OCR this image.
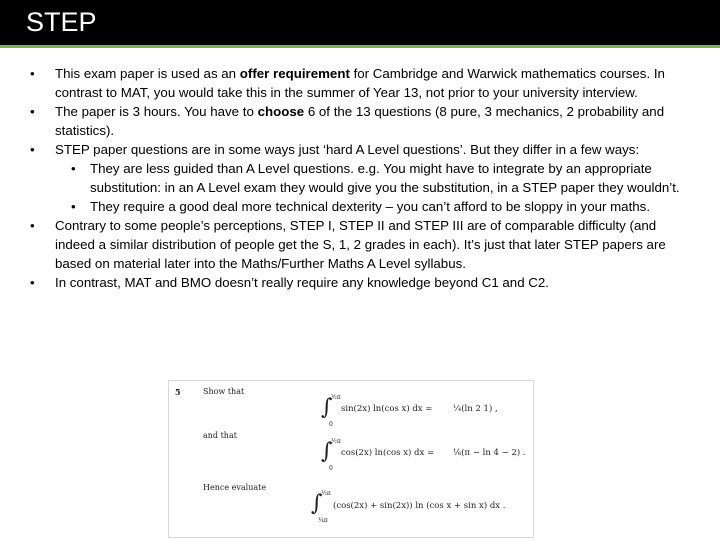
STEP
• This exam paper is used as an offer requirement for Cambridge and Warwick mathematics courses. In contrast to MAT, you would take this in the summer of Year 13, not prior to your university interview.
• The paper is 3 hours. You have to choose 6 of the 13 questions (8 pure, 3 mechanics, 2 probability and statistics).
• STEP paper questions are in some ways just ‘hard A Level questions’. But they differ in a few ways:
• They are less guided than A Level questions. e.g. You might have to integrate by an appropriate substitution: in an A Level exam they would give you the substitution, in a STEP paper they wouldn’t.
• They require a good deal more technical dexterity – you can’t afford to be sloppy in your maths.
• Contrary to some people’s perceptions, STEP I, STEP II and STEP III are of comparable difficulty (and indeed a similar distribution of people get the S, 1, 2 grades in each). It’s just that later STEP papers are based on material later into the Maths/Further Maths A Level syllabus.
• In contrast, MAT and BMO doesn’t really require any knowledge beyond C1 and C2.
5	Show that
∫
½π
0
sin(2x) ln(cos x) dx = ¼(ln 2 1) ,
and that
∫
½π
0
cos(2x) ln(cos x) dx = ⅛(π − ln 4 − 2) .
Hence evaluate
∫
½π
¼π
(cos(2x) + sin(2x)) ln (cos x + sin x) dx .
